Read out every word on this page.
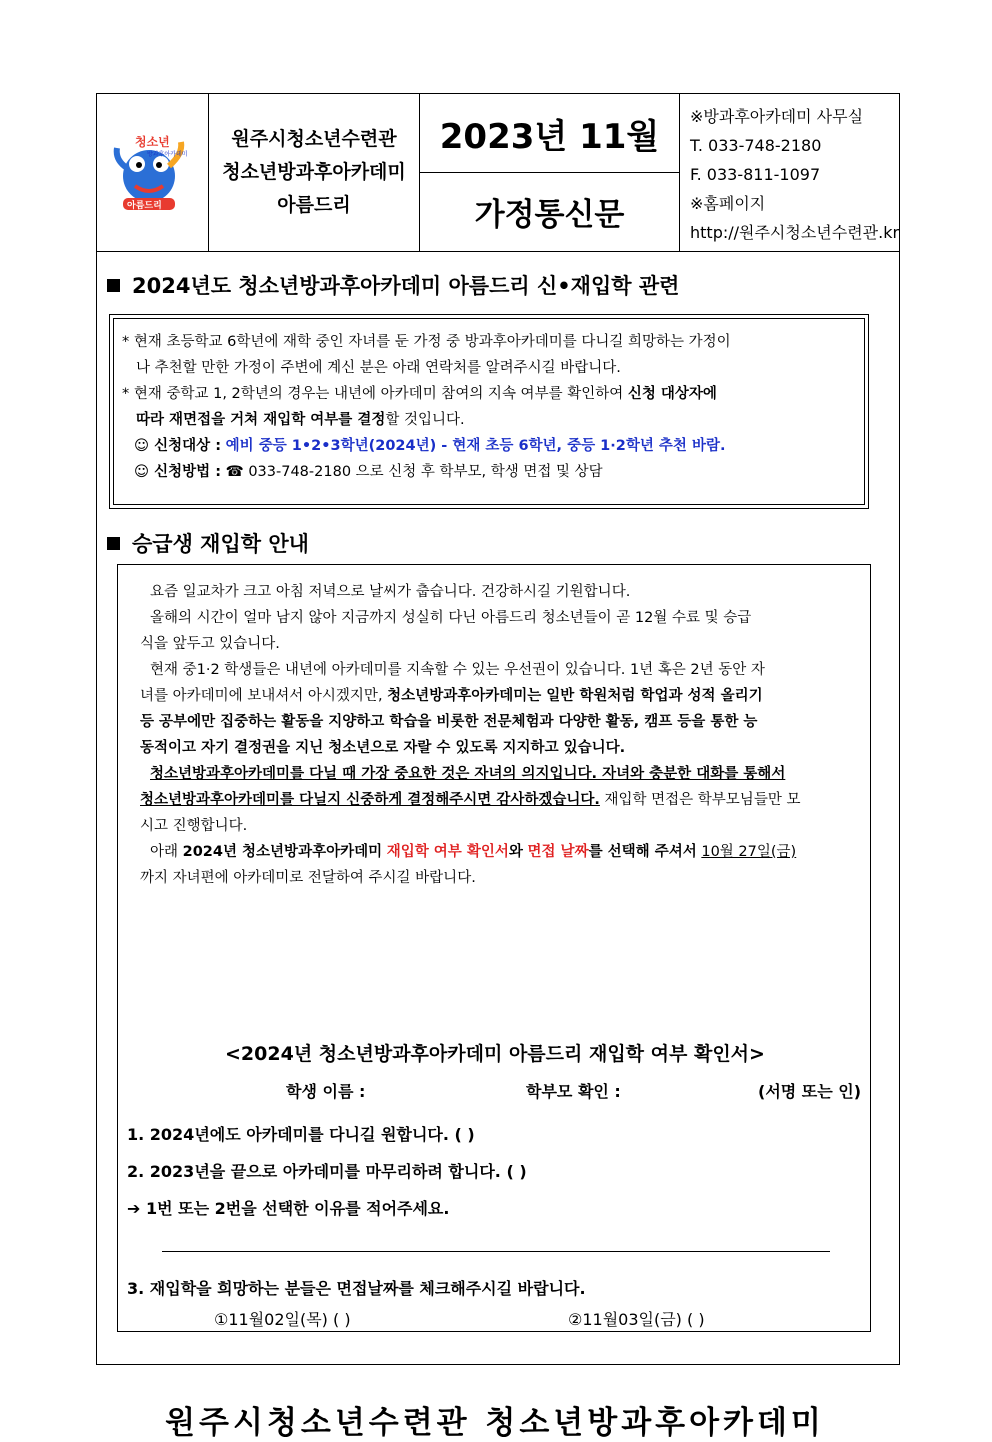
청소년
방과후아카데미
아름드리
원주시청소년수련관
청소년방과후아카데미
아름드리
2023년 11월
가정통신문
※방과후아카데미 사무실
T. 033-748-2180
F. 033-811-1097
※홈페이지
http://원주시청소년수련관.kr
2024년도 청소년방과후아카데미 아름드리 신•재입학 관련
* 현재 초등학교 6학년에 재학 중인 자녀를 둔 가정 중 방과후아카데미를 다니길 희망하는 가정이
나 추천할 만한 가정이 주변에 계신 분은 아래 연락처를 알려주시길 바랍니다.
* 현재 중학교 1, 2학년의 경우는 내년에 아카데미 참여의 지속 여부를 확인하여 신청 대상자에
따라 재면접을 거쳐 재입학 여부를 결정할 것입니다.
☺ 신청대상 : 예비 중등 1•2•3학년(2024년) - 현재 초등 6학년, 중등 1·2학년 추천 바람.
☺ 신청방법 : ☎ 033-748-2180 으로 신청 후 학부모, 학생 면접 및 상담
승급생 재입학 안내
요즘 일교차가 크고 아침 저녁으로 날씨가 춥습니다. 건강하시길 기원합니다.
올해의 시간이 얼마 남지 않아 지금까지 성실히 다닌 아름드리 청소년들이 곧 12월 수료 및 승급
식을 앞두고 있습니다.
현재 중1·2 학생들은 내년에 아카데미를 지속할 수 있는 우선권이 있습니다. 1년 혹은 2년 동안 자
녀를 아카데미에 보내셔서 아시겠지만, 청소년방과후아카데미는 일반 학원처럼 학업과 성적 올리기
등 공부에만 집중하는 활동을 지양하고 학습을 비롯한 전문체험과 다양한 활동, 캠프 등을 통한 능
동적이고 자기 결정권을 지닌 청소년으로 자랄 수 있도록 지지하고 있습니다.
청소년방과후아카데미를 다닐 때 가장 중요한 것은 자녀의 의지입니다. 자녀와 충분한 대화를 통해서
청소년방과후아카데미를 다닐지 신중하게 결정해주시면 감사하겠습니다. 재입학 면접은 학부모님들만 모
시고 진행합니다.
아래 2024년 청소년방과후아카데미 재입학 여부 확인서와 면접 날짜를 선택해 주셔서 10월 27일(금)
까지 자녀편에 아카데미로 전달하여 주시길 바랍니다.
<2024년 청소년방과후아카데미 아름드리 재입학 여부 확인서>
학생 이름 :	학부모 확인 :	(서명 또는 인)
1. 2024년에도 아카데미를 다니길 원합니다. ( )
2. 2023년을 끝으로 아카데미를 마무리하려 합니다. ( )
➔ 1번 또는 2번을 선택한 이유를 적어주세요.
3. 재입학을 희망하는 분들은 면접날짜를 체크해주시길 바랍니다.
①11월02일(목) ( )	②11월03일(금) ( )
원주시청소년수련관 청소년방과후아카데미
